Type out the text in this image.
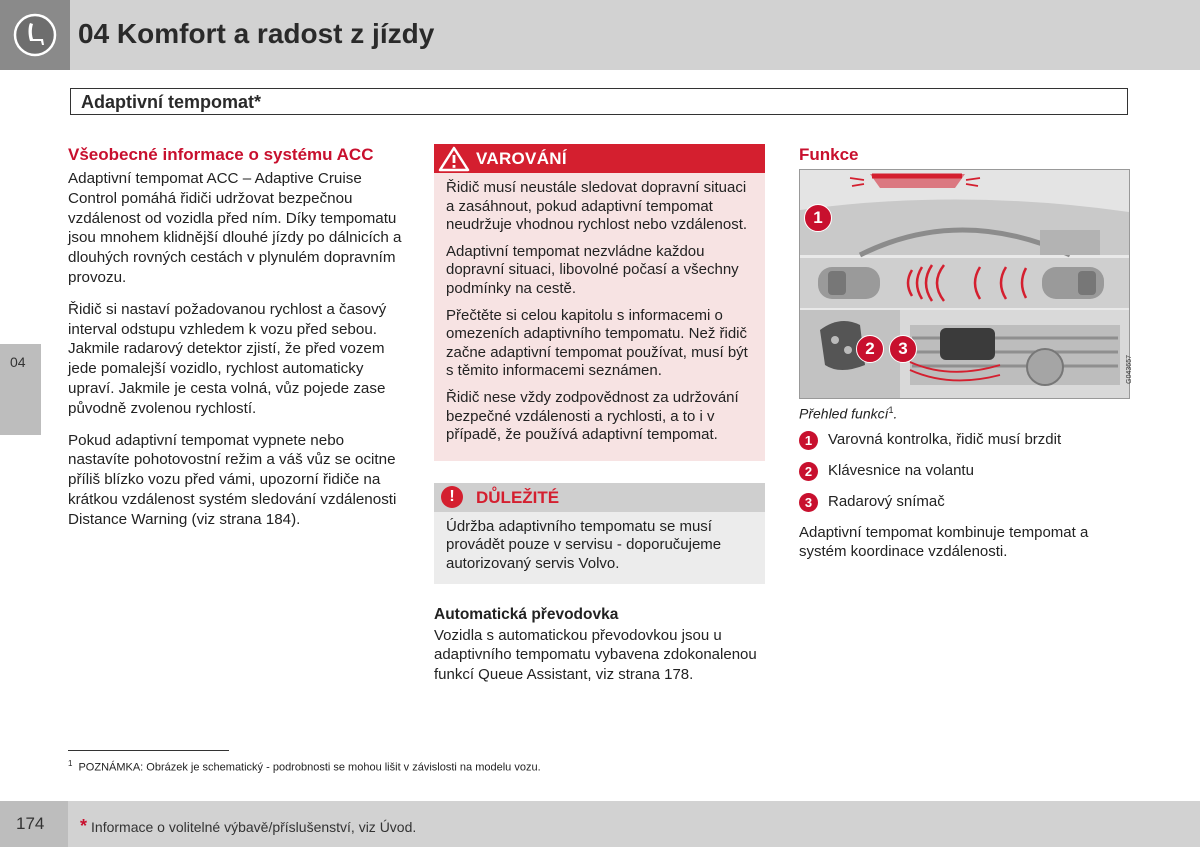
04 Komfort a radost z jízdy
Adaptivní tempomat*
04
Všeobecné informace o systému ACC

Adaptivní tempomat ACC – Adaptive Cruise Control pomáhá řidiči udržovat bezpečnou vzdálenost od vozidla před ním. Díky tempomatu jsou mnohem klidnější dlouhé jízdy po dálnicích a dlouhých rovných cestách v plynulém dopravním provozu.

Řidič si nastaví požadovanou rychlost a časový interval odstupu vzhledem k vozu před sebou. Jakmile radarový detektor zjistí, že před vozem jede pomalejší vozidlo, rychlost automaticky upraví. Jakmile je cesta volná, vůz pojede zase původně zvolenou rychlostí.

Pokud adaptivní tempomat vypnete nebo nastavíte pohotovostní režim a váš vůz se ocitne příliš blízko vozu před vámi, upozorní řidiče na krátkou vzdálenost systém sledování vzdálenosti Distance Warning (viz strana 184).

VAROVÁNÍ

Řidič musí neustále sledovat dopravní situaci a zasáhnout, pokud adaptivní tempomat neudržuje vhodnou rychlost nebo vzdálenost.

Adaptivní tempomat nezvládne každou dopravní situaci, libovolné počasí a všechny podmínky na cestě.

Přečtěte si celou kapitolu s informacemi o omezeních adaptivního tempomatu. Než řidič začne adaptivní tempomat používat, musí být s těmito informacemi seznámen.

Řidič nese vždy zodpovědnost za udržování bezpečné vzdálenosti a rychlosti, a to i v případě, že používá adaptivní tempomat.

!	DŮLEŽITÉ

Údržba adaptivního tempomatu se musí provádět pouze v servisu - doporučujeme autorizovaný servis Volvo.

Automatická převodovka

Vozidla s automatickou převodovkou jsou u adaptivního tempomatu vybavena zdokonalenou funkcí Queue Assistant, viz strana 178.

Funkce
1
2	3
G043657
Přehled funkcí$^1$.
1	Varovná kontrolka, řidič musí brzdit
2	Klávesnice na volantu
3	Radarový snímač

Adaptivní tempomat kombinuje tempomat a systém koordinace vzdálenosti.

$^1$ POZNÁMKA: Obrázek je schematický - podrobnosti se mohou lišit v závislosti na modelu vozu.
174 * Informace o volitelné výbavě/příslušenství, viz Úvod.
